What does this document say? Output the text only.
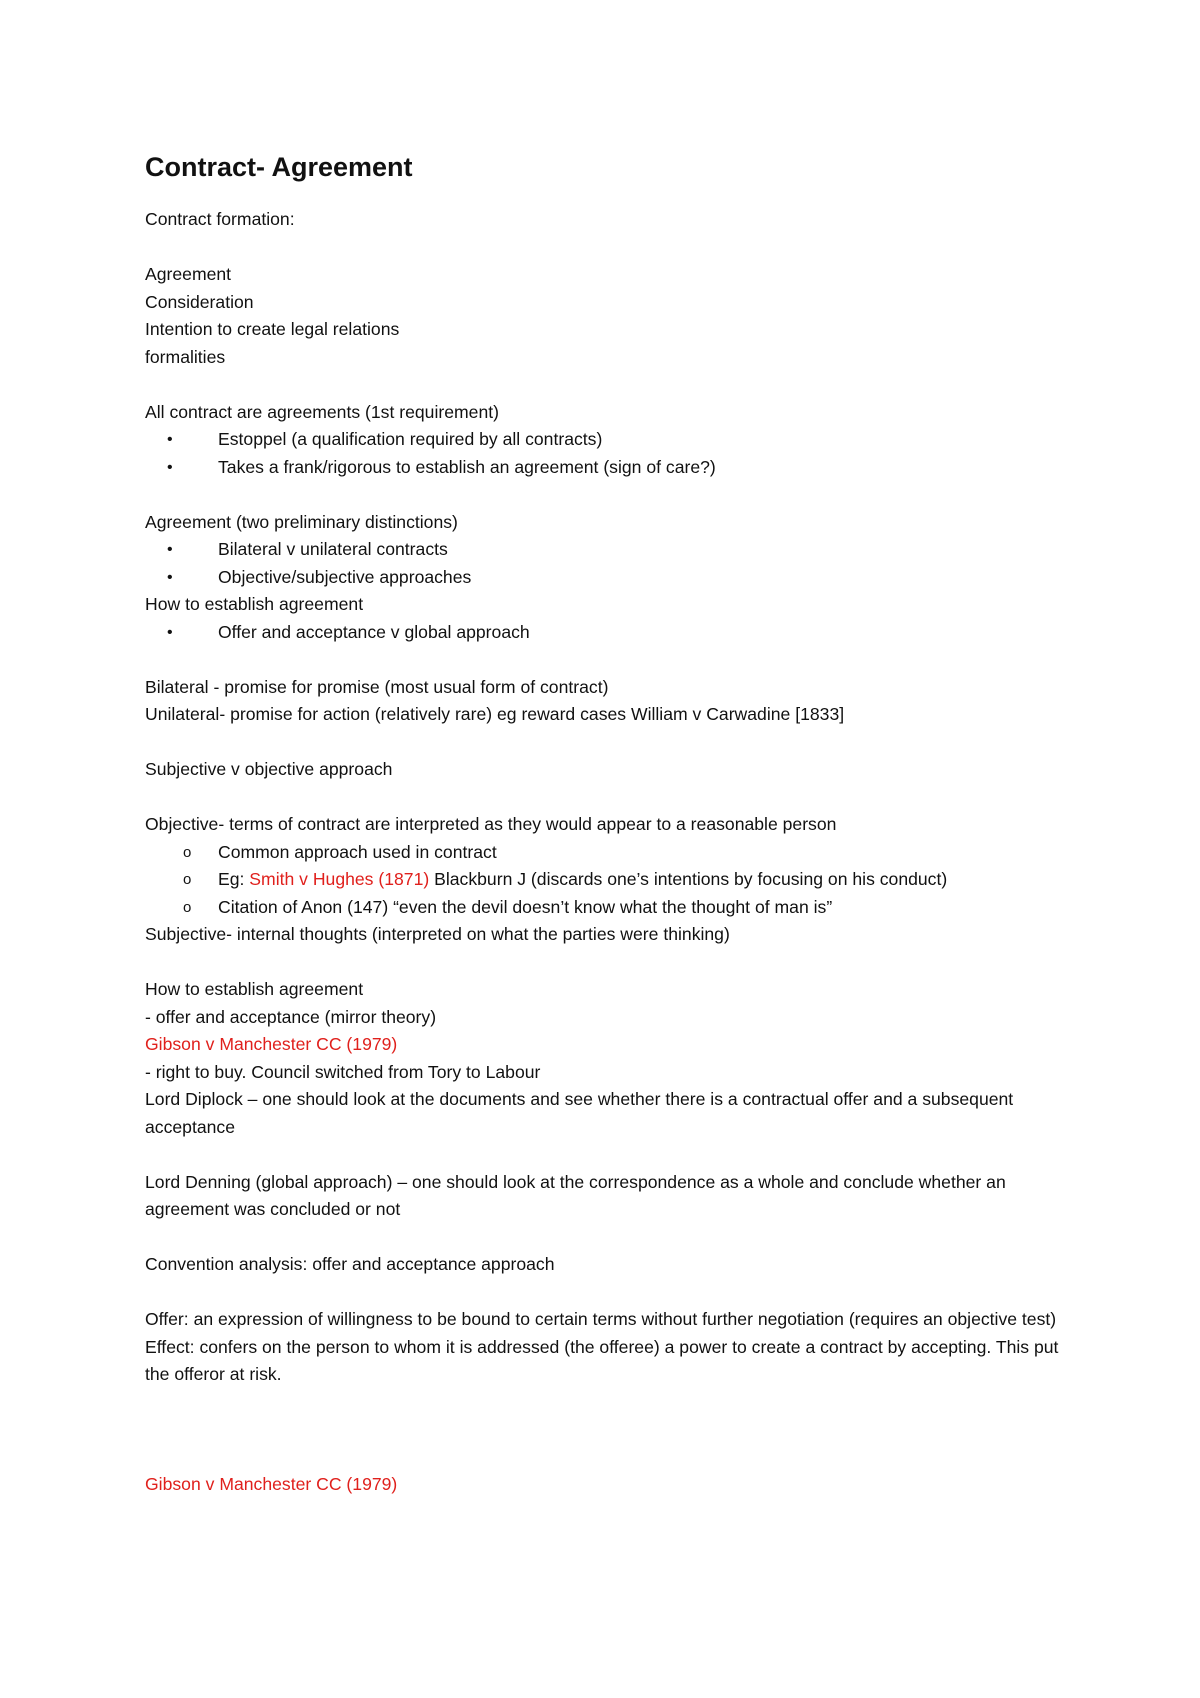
Contract- Agreement
Contract formation:
Agreement
Consideration
Intention to create legal relations
formalities
All contract are agreements (1st requirement)
•	Estoppel (a qualification required by all contracts)
•	Takes a frank/rigorous to establish an agreement (sign of care?)
Agreement (two preliminary distinctions)
•	Bilateral v unilateral contracts
•	Objective/subjective approaches
How to establish agreement
•	Offer and acceptance v global approach
Bilateral - promise for promise (most usual form of contract)
Unilateral- promise for action (relatively rare) eg reward cases William v Carwadine [1833]
Subjective v objective approach
Objective- terms of contract are interpreted as they would appear to a reasonable person
o Common approach used in contract
o Eg: Smith v Hughes (1871) Blackburn J (discards one’s intentions by focusing on his conduct)
o Citation of Anon (147) “even the devil doesn’t know what the thought of man is”
Subjective- internal thoughts (interpreted on what the parties were thinking)
How to establish agreement
- offer and acceptance (mirror theory)
Gibson v Manchester CC (1979)
- right to buy. Council switched from Tory to Labour
Lord Diplock – one should look at the documents and see whether there is a contractual offer and a subsequent acceptance
Lord Denning (global approach) – one should look at the correspondence as a whole and conclude whether an agreement was concluded or not
Convention analysis: offer and acceptance approach
Offer: an expression of willingness to be bound to certain terms without further negotiation (requires an objective test)
Effect: confers on the person to whom it is addressed (the offeree) a power to create a contract by accepting. This put the offeror at risk.
Gibson v Manchester CC (1979)
